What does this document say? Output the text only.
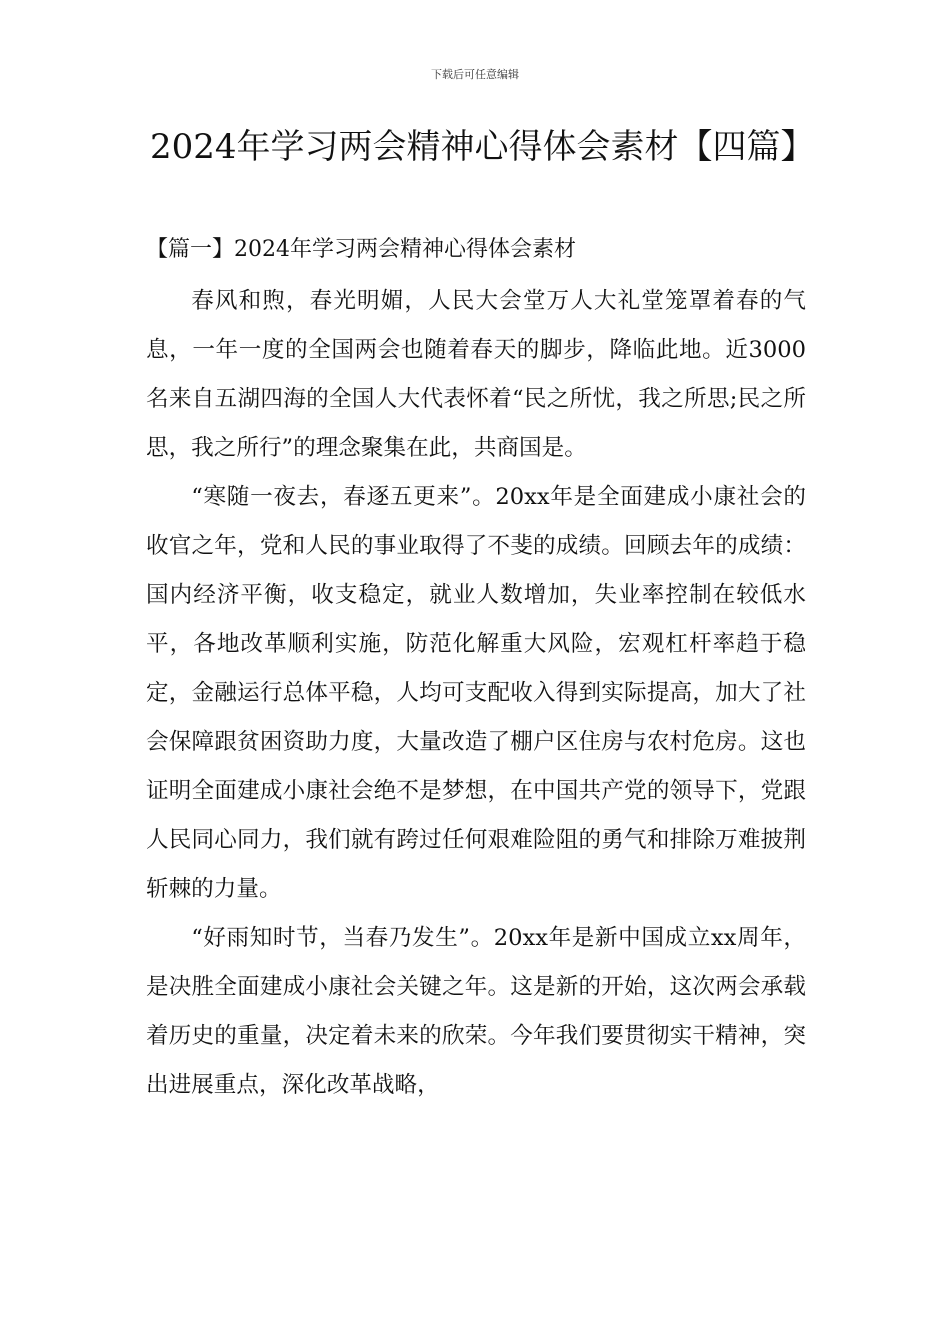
下载后可任意编辑
2024年学习两会精神心得体会素材【四篇】
【篇一】2024年学习两会精神心得体会素材

春风和煦，春光明媚，人民大会堂万人大礼堂笼罩着春的气息，一年一度的全国两会也随着春天的脚步，降临此地。近3000名来自五湖四海的全国人大代表怀着“民之所忧，我之所思;民之所思，我之所行”的理念聚集在此，共商国是。

“寒随一夜去，春逐五更来”。20xx年是全面建成小康社会的收官之年，党和人民的事业取得了不斐的成绩。回顾去年的成绩：国内经济平衡，收支稳定，就业人数增加，失业率控制在较低水平，各地改革顺利实施，防范化解重大风险，宏观杠杆率趋于稳定，金融运行总体平稳，人均可支配收入得到实际提高，加大了社会保障跟贫困资助力度，大量改造了棚户区住房与农村危房。这也证明全面建成小康社会绝不是梦想，在中国共产党的领导下，党跟人民同心同力，我们就有跨过任何艰难险阻的勇气和排除万难披荆斩棘的力量。

“好雨知时节，当春乃发生”。20xx年是新中国成立xx周年，是决胜全面建成小康社会关键之年。这是新的开始，这次两会承载着历史的重量，决定着未来的欣荣。今年我们要贯彻实干精神，突出进展重点，深化改革战略，
